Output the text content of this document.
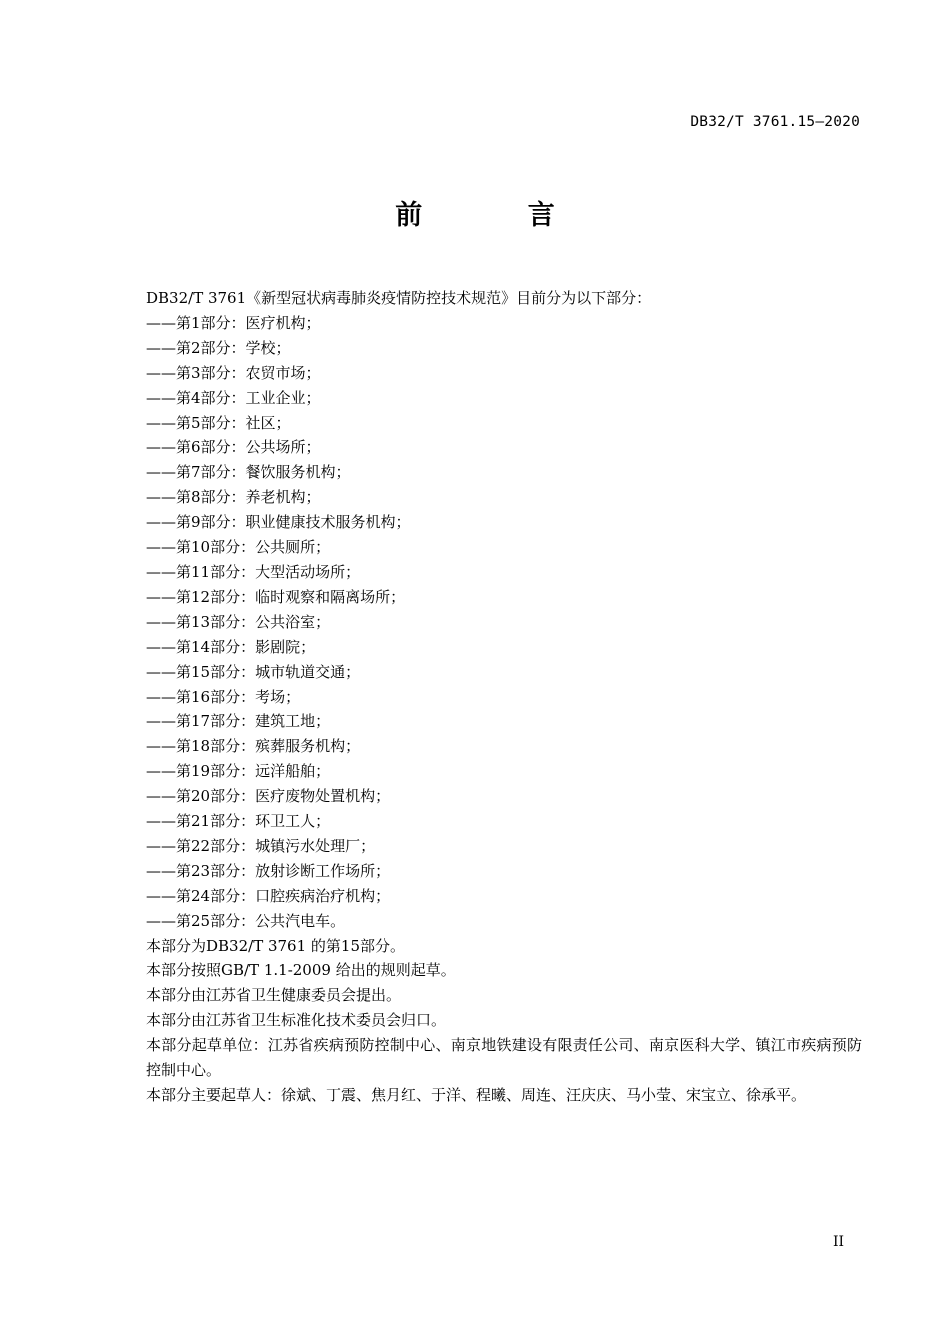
DB32/T 3761.15—2020
前 言

DB32/T 3761《新型冠状病毒肺炎疫情防控技术规范》目前分为以下部分：

——第1部分：医疗机构；

——第2部分：学校；

——第3部分：农贸市场；

——第4部分：工业企业；

——第5部分：社区；

——第6部分：公共场所；

——第7部分：餐饮服务机构；

——第8部分：养老机构；

——第9部分：职业健康技术服务机构；

——第10部分：公共厕所；

——第11部分：大型活动场所；

——第12部分：临时观察和隔离场所；

——第13部分：公共浴室；

——第14部分：影剧院；

——第15部分：城市轨道交通；

——第16部分：考场；

——第17部分：建筑工地；

——第18部分：殡葬服务机构；

——第19部分：远洋船舶；

——第20部分：医疗废物处置机构；

——第21部分：环卫工人；

——第22部分：城镇污水处理厂；

——第23部分：放射诊断工作场所；

——第24部分：口腔疾病治疗机构；

——第25部分：公共汽电车。

本部分为DB32/T 3761 的第15部分。

本部分按照GB/T 1.1-2009 给出的规则起草。

本部分由江苏省卫生健康委员会提出。

本部分由江苏省卫生标准化技术委员会归口。

本部分起草单位：江苏省疾病预防控制中心、南京地铁建设有限责任公司、南京医科大学、镇江市疾病预防控制中心。

本部分主要起草人：徐斌、丁震、焦月红、于洋、程曦、周连、汪庆庆、马小莹、宋宝立、徐承平。

II
